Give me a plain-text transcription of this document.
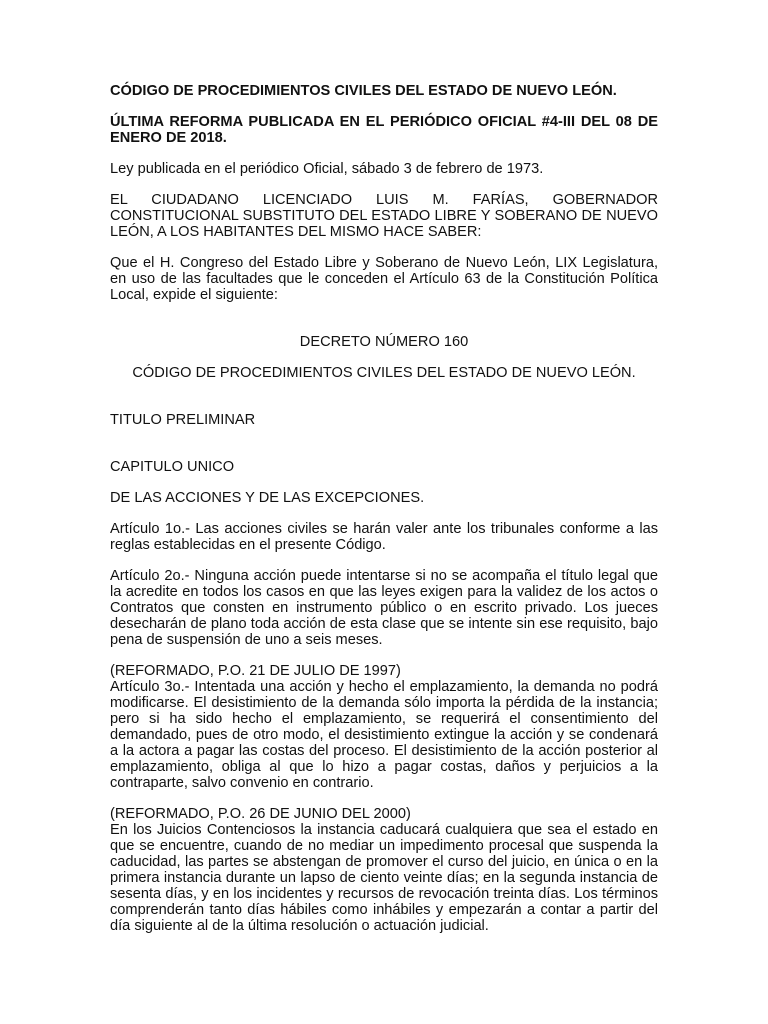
CÓDIGO DE PROCEDIMIENTOS CIVILES DEL ESTADO DE NUEVO LEÓN.

ÚLTIMA REFORMA PUBLICADA EN EL PERIÓDICO OFICIAL #4-III DEL 08 DE ENERO DE 2018.

Ley publicada en el periódico Oficial, sábado 3 de febrero de 1973.

EL CIUDADANO LICENCIADO LUIS M. FARÍAS, GOBERNADOR CONSTITUCIONAL SUBSTITUTO DEL ESTADO LIBRE Y SOBERANO DE NUEVO LEÓN, A LOS HABITANTES DEL MISMO HACE SABER:

Que el H. Congreso del Estado Libre y Soberano de Nuevo León, LIX Legislatura, en uso de las facultades que le conceden el Artículo 63 de la Constitución Política Local, expide el siguiente:

DECRETO NÚMERO 160

CÓDIGO DE PROCEDIMIENTOS CIVILES DEL ESTADO DE NUEVO LEÓN.

TITULO PRELIMINAR

CAPITULO UNICO

DE LAS ACCIONES Y DE LAS EXCEPCIONES.

Artículo 1o.- Las acciones civiles se harán valer ante los tribunales conforme a las reglas establecidas en el presente Código.

Artículo 2o.- Ninguna acción puede intentarse si no se acompaña el título legal que la acredite en todos los casos en que las leyes exigen para la validez de los actos o Contratos que consten en instrumento público o en escrito privado. Los jueces desecharán de plano toda acción de esta clase que se intente sin ese requisito, bajo pena de suspensión de uno a seis meses.

(REFORMADO, P.O. 21 DE JULIO DE 1997)

Artículo 3o.- Intentada una acción y hecho el emplazamiento, la demanda no podrá modificarse. El desistimiento de la demanda sólo importa la pérdida de la instancia; pero si ha sido hecho el emplazamiento, se requerirá el consentimiento del demandado, pues de otro modo, el desistimiento extingue la acción y se condenará a la actora a pagar las costas del proceso. El desistimiento de la acción posterior al emplazamiento, obliga al que lo hizo a pagar costas, daños y perjuicios a la contraparte, salvo convenio en contrario.

(REFORMADO, P.O. 26 DE JUNIO DEL 2000)

En los Juicios Contenciosos la instancia caducará cualquiera que sea el estado en que se encuentre, cuando de no mediar un impedimento procesal que suspenda la caducidad, las partes se abstengan de promover el curso del juicio, en única o en la primera instancia durante un lapso de ciento veinte días; en la segunda instancia de sesenta días, y en los incidentes y recursos de revocación treinta días. Los términos comprenderán tanto días hábiles como inhábiles y empezarán a contar a partir del día siguiente al de la última resolución o actuación judicial.
